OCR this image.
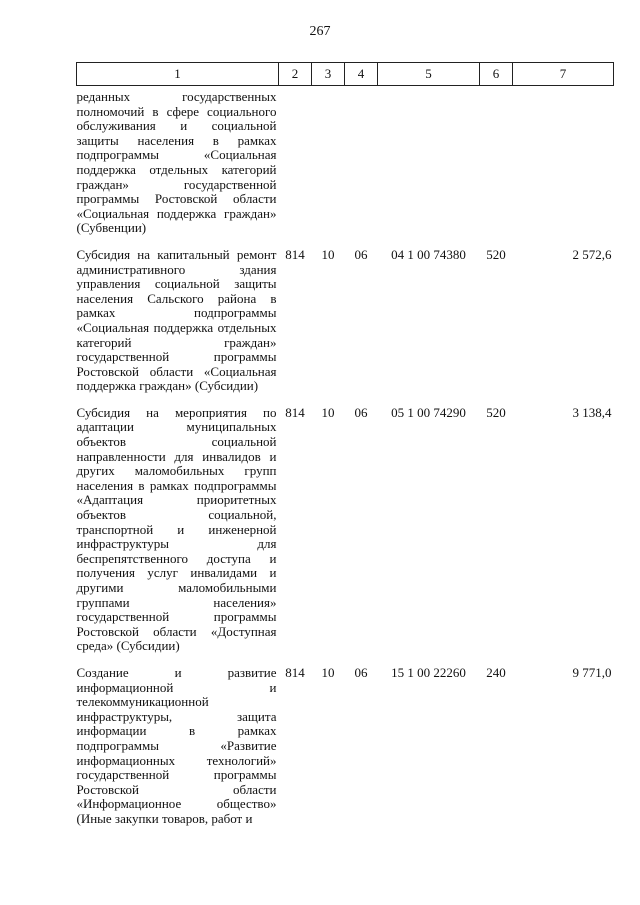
267
1	2	3	4	5	6	7
реданных государственных полномочий в сфере социального обслуживания и социальной защиты населения в рамках подпрограммы «Социальная поддержка отдельных категорий граждан» государственной программы Ростовской области «Социальная поддержка граждан» (Субвенции)						
Субсидия на капитальный ремонт административного здания управления социальной защиты населения Сальского района в рамках подпрограммы «Социальная поддержка отдельных категорий граждан» государственной программы Ростовской области «Социальная поддержка граждан» (Субсидии)	814	10	06	04 1 00 74380	520	2 572,6
Субсидия на мероприятия по адаптации муниципальных объектов социальной направленности для инвалидов и других маломобильных групп населения в рамках подпрограммы «Адаптация приоритетных объектов социальной, транспортной и инженерной инфраструктуры для беспрепятственного доступа и получения услуг инвалидами и другими маломобильными группами населения» государственной программы Ростовской области «Доступная среда» (Субсидии)	814	10	06	05 1 00 74290	520	3 138,4
Создание и развитие информационной и телекоммуникационной инфраструктуры, защита информации в рамках подпрограммы «Развитие информационных технологий» государственной программы Ростовской области «Информационное общество» (Иные закупки товаров, работ и	814	10	06	15 1 00 22260	240	9 771,0
